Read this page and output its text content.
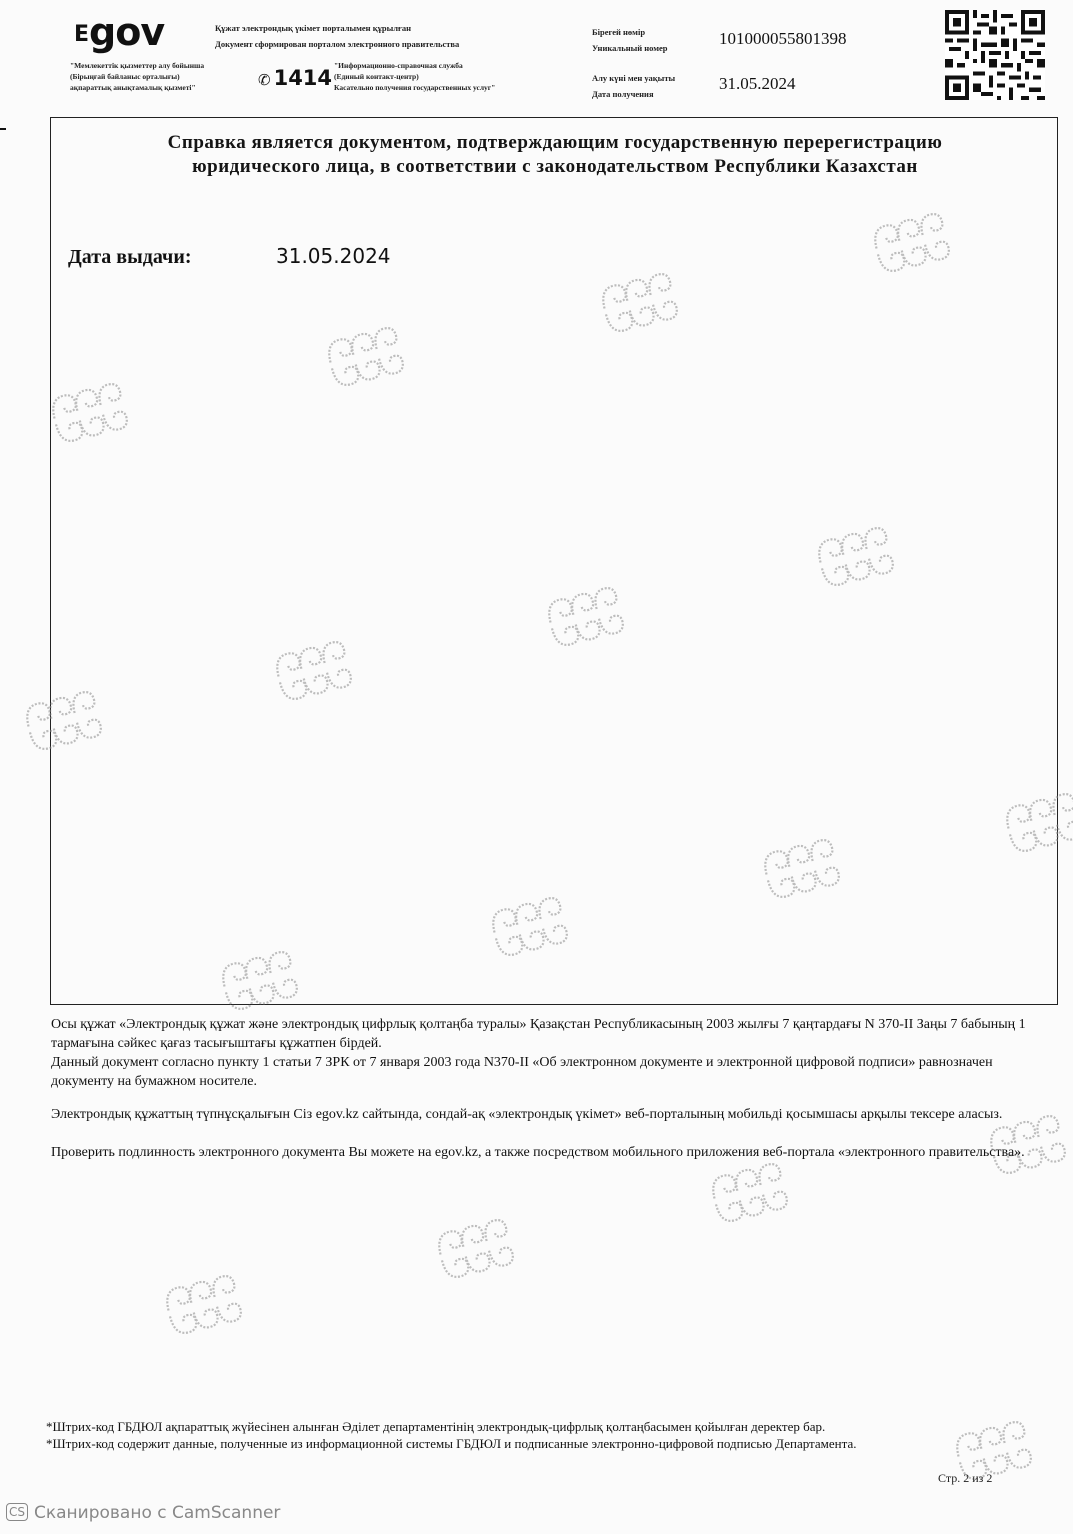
Egov	Құжат электрондық үкімет порталымен құрылған
Документ сформирован порталом электронного правительства
"Мемлекеттік қызметтер алу бойынша
(Бірыңғай байланыс орталығы)
ақпараттық анықтамалық қызметі"	✆ 1414
"Информационно-справочная служба
(Единый контакт-центр)
Касательно получения государственных услуг"
Бірегей нөмір
Уникальный номер	101000055801398
Алу күні мен уақыты
Дата получения
31.05.2024
Справка является документом, подтверждающим государственную перерегистрацию
юридического лица, в соответствии с законодательством Республики Казахстан
Дата выдачи:	31.05.2024
Осы құжат «Электрондық құжат және электрондық цифрлық қолтаңба туралы» Қазақстан Республикасының 2003 жылғы 7 қаңтардағы N 370-II Заңы 7 бабының 1 тармағына сәйкес қағаз тасығыштағы құжатпен бірдей.
Данный документ согласно пункту 1 статьи 7 ЗРК от 7 января 2003 года N370-II «Об электронном документе и электронной цифровой подписи» равнозначен документу на бумажном носителе.
Электрондық құжаттың түпнұсқалығын Сіз egov.kz сайтында, сондай-ақ «электрондық үкімет» веб-порталының мобильді қосымшасы арқылы тексере аласыз.
Проверить подлинность электронного документа Вы можете на egov.kz, а также посредством мобильного приложения веб-портала «электронного правительства».
*Штрих-код ГБДЮЛ ақпараттық жүйесінен алынған Әділет департаментінің электрондық-цифрлық қолтаңбасымен қойылған деректер бар.
*Штрих-код содержит данные, полученные из информационной системы ГБДЮЛ и подписанные электронно-цифровой подписью Департамента.
Стр. 2 из 2
CS Сканировано с CamScanner
